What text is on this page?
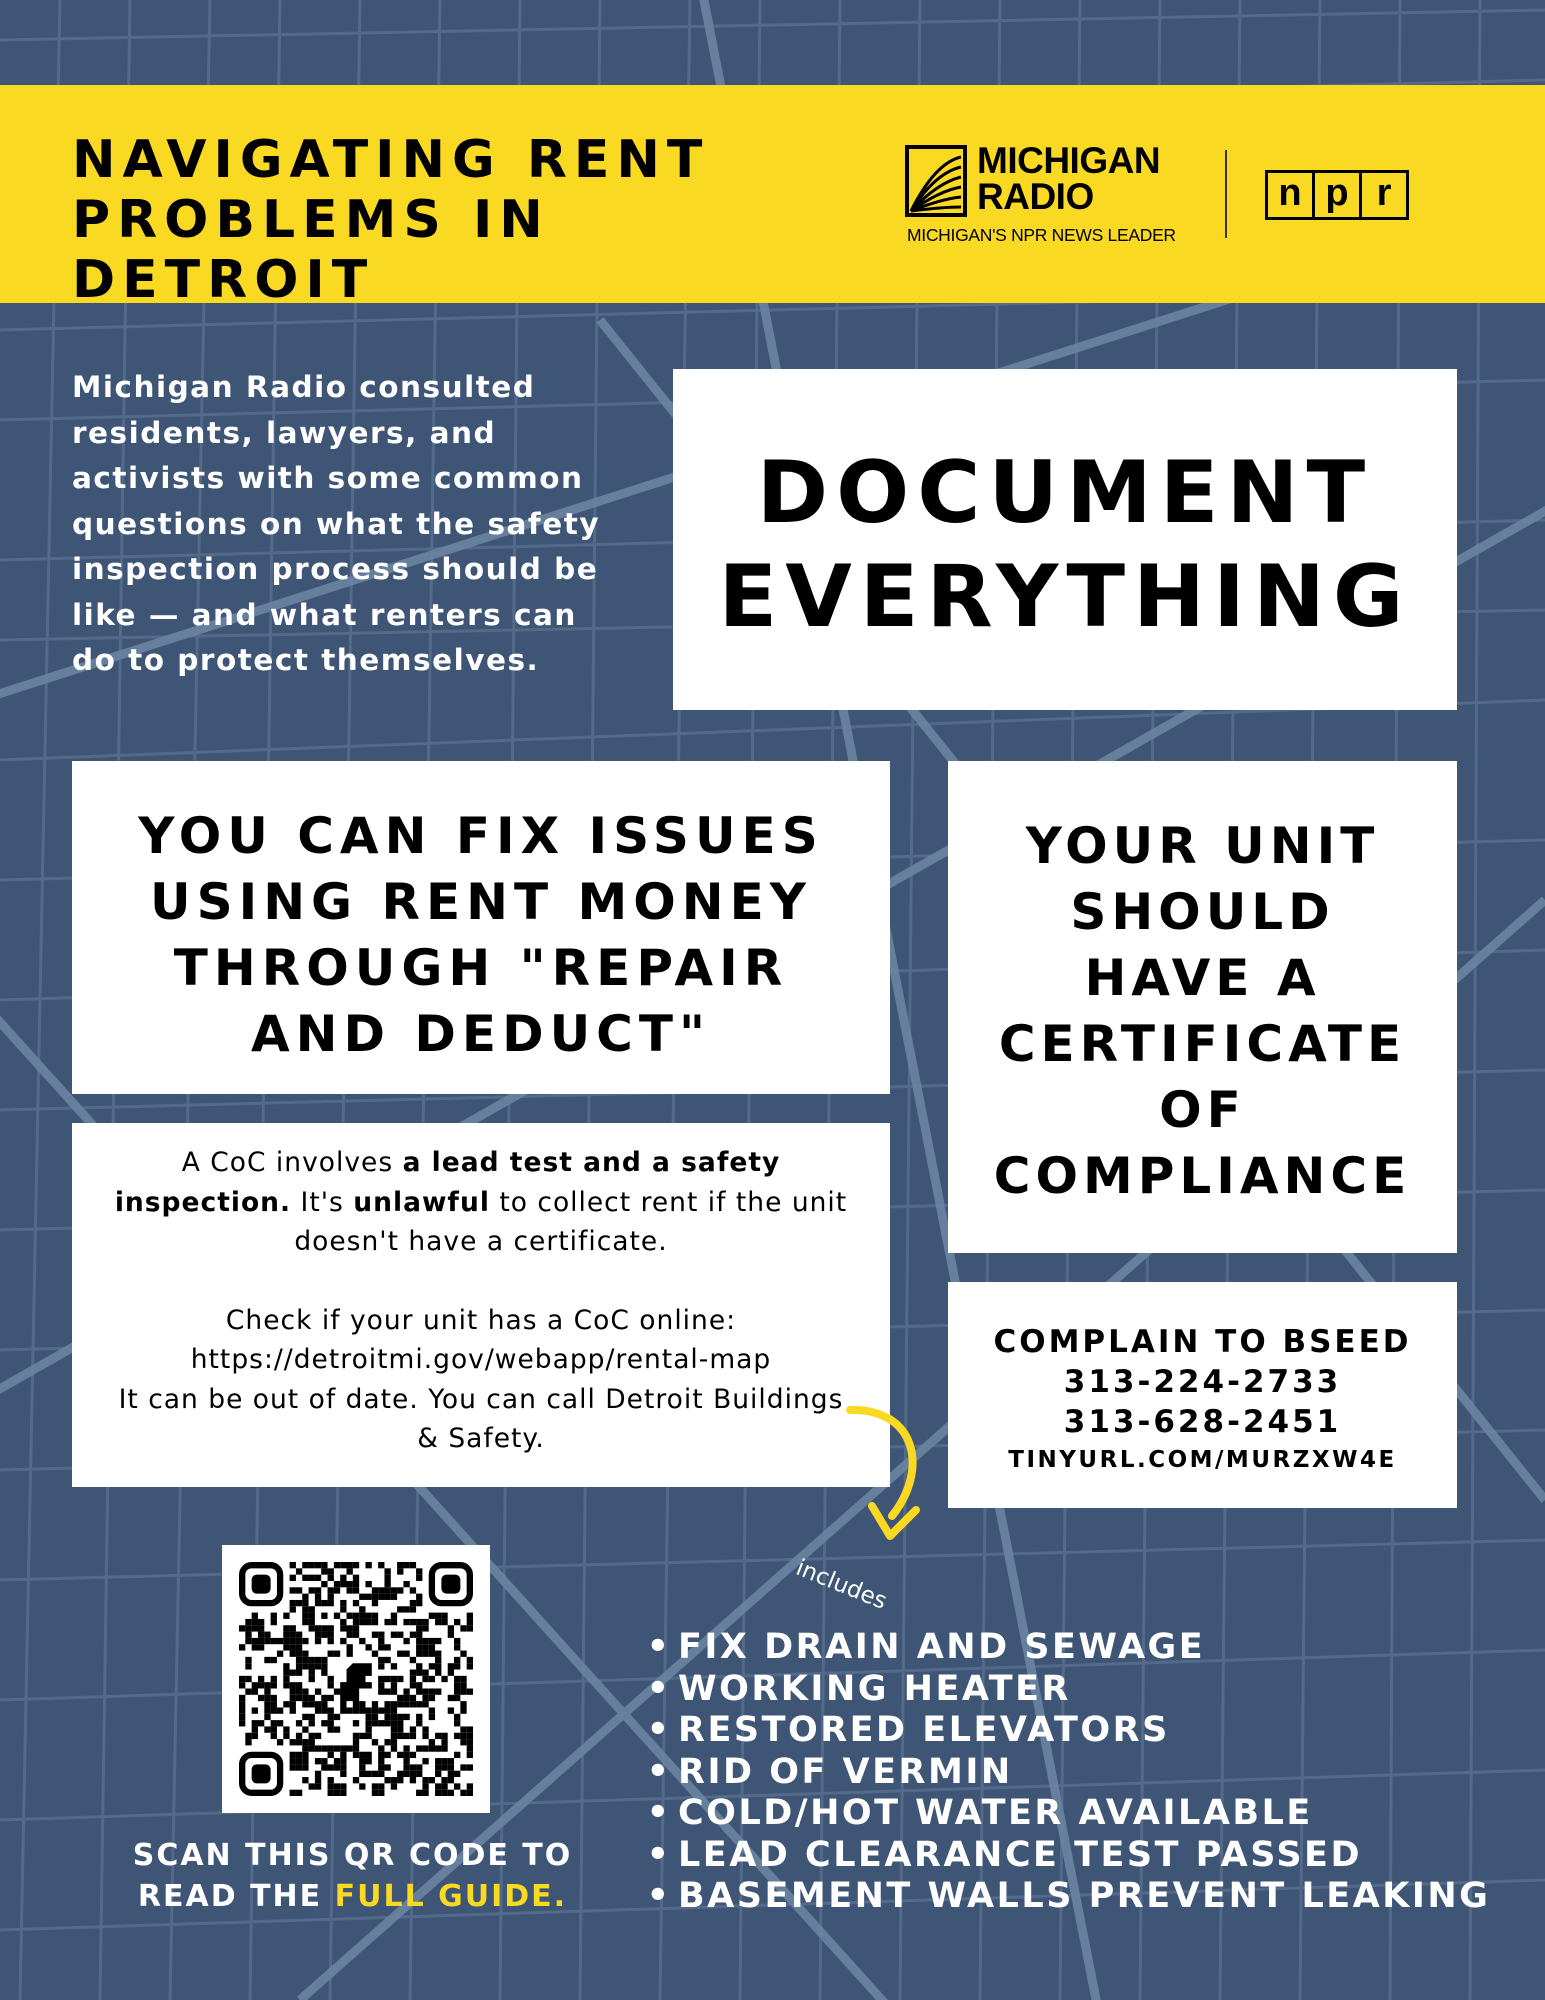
NAVIGATING RENT
PROBLEMS IN DETROIT
MICHIGAN
RADIO
MICHIGAN'S NPR NEWS LEADER
n p r
Michigan Radio consulted residents, lawyers, and activists with some common questions on what the safety inspection process should be like — and what renters can do to protect themselves.
DOCUMENT
EVERYTHING
YOU CAN FIX ISSUES
USING RENT MONEY
THROUGH "REPAIR
AND DEDUCT"
YOUR UNIT
SHOULD
HAVE A
CERTIFICATE
OF
COMPLIANCE
A CoC involves a lead test and a safety inspection. It's unlawful to collect rent if the unit doesn't have a certificate.
Check if your unit has a CoC online:
https://detroitmi.gov/webapp/rental-map
It can be out of date. You can call Detroit Buildings & Safety.
COMPLAIN TO BSEED
313-224-2733
313-628-2451
TINYURL.COM/MURZXW4E
includes
SCAN THIS QR CODE TO
READ THE FULL GUIDE.
• FIX DRAIN AND SEWAGE
• WORKING HEATER
• RESTORED ELEVATORS
• RID OF VERMIN
• COLD/HOT WATER AVAILABLE
• LEAD CLEARANCE TEST PASSED
• BASEMENT WALLS PREVENT LEAKING
